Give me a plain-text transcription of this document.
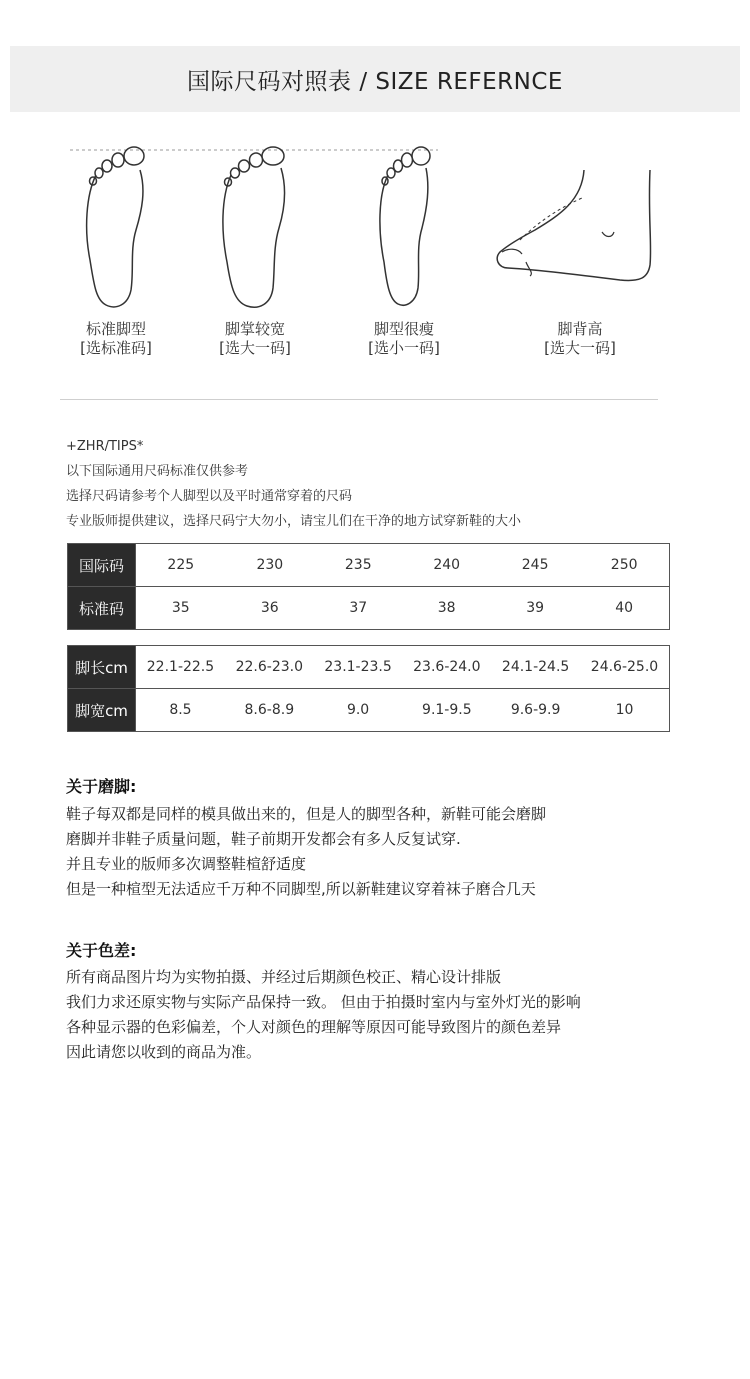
国际尺码对照表 / SIZE REFERNCE
标准脚型
[选标准码]
脚掌较宽
[选大一码]
脚型很瘦
[选小一码]
脚背高
[选大一码]
+ZHR/TIPS*
以下国际通用尺码标准仅供参考
选择尺码请参考个人脚型以及平时通常穿着的尺码
专业版师提供建议，选择尺码宁大勿小，请宝儿们在干净的地方试穿新鞋的大小
国际码	225	230	235	240	245	250
标准码	35	36	37	38	39	40
脚长cm	22.1-22.5	22.6-23.0	23.1-23.5	23.6-24.0	24.1-24.5	24.6-25.0
脚宽cm	8.5	8.6-8.9	9.0	9.1-9.5	9.6-9.9	10
关于磨脚:
鞋子每双都是同样的模具做出来的，但是人的脚型各种，新鞋可能会磨脚
磨脚并非鞋子质量问题，鞋子前期开发都会有多人反复试穿.
并且专业的版师多次调整鞋楦舒适度
但是一种楦型无法适应千万种不同脚型,所以新鞋建议穿着袜子磨合几天
关于色差:
所有商品图片均为实物拍摄、并经过后期颜色校正、精心设计排版
我们力求还原实物与实际产品保持一致。 但由于拍摄时室内与室外灯光的影响
各种显示器的色彩偏差，个人对颜色的理解等原因可能导致图片的颜色差异
因此请您以收到的商品为准。
